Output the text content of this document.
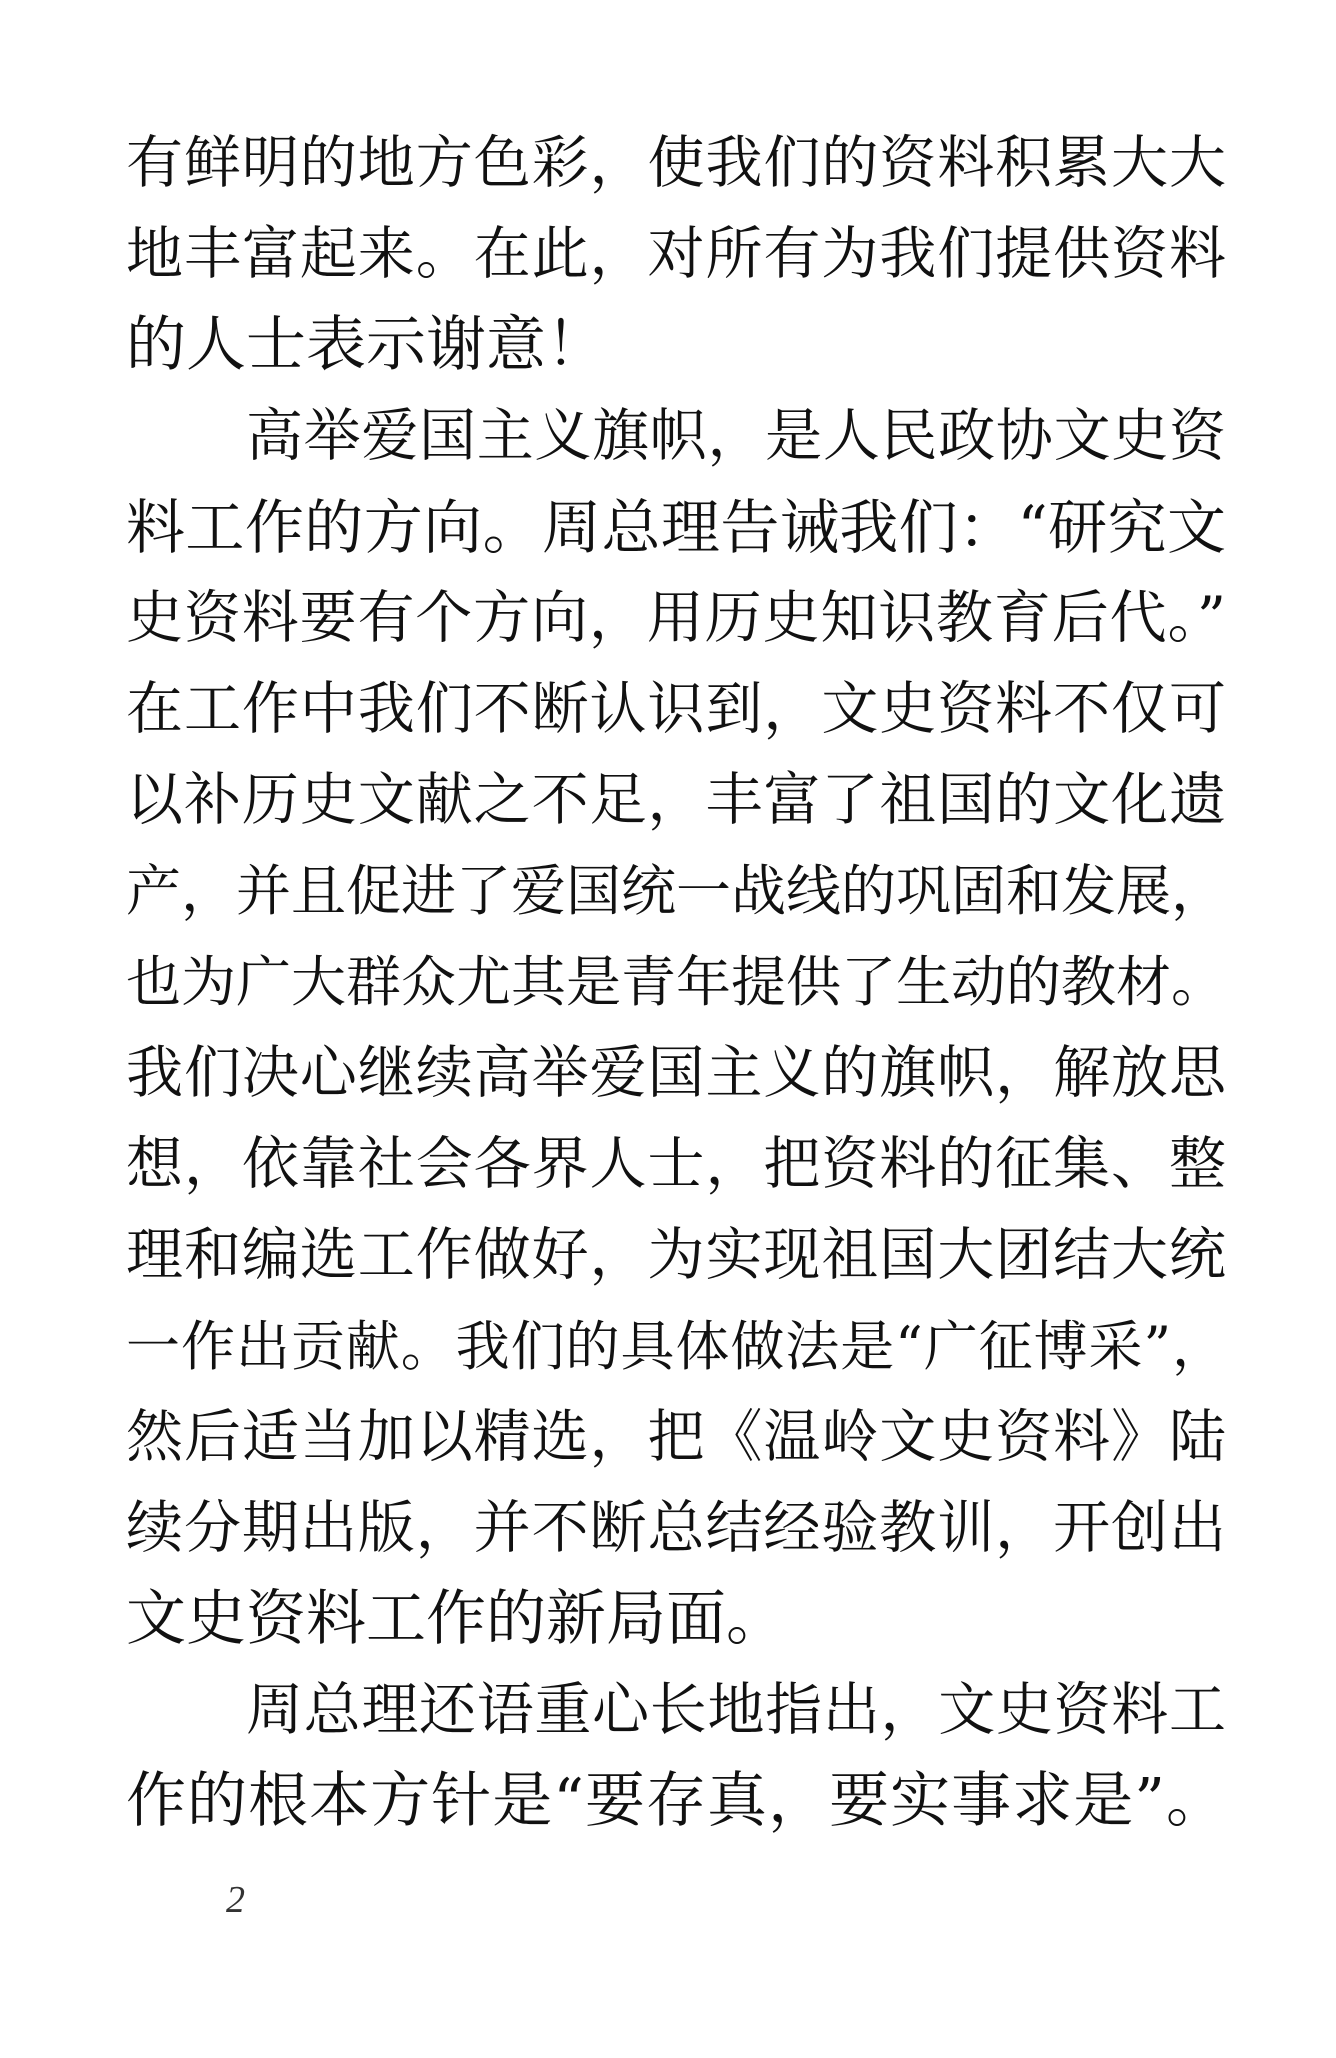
有鲜明的地方色彩，使我们的资料积累大大
地丰富起来。在此，对所有为我们提供资料
的人士表示谢意！
高举爱国主义旗帜，是人民政协文史资
料工作的方向。周总理告诫我们：“研究文
史资料要有个方向，用历史知识教育后代。”
在工作中我们不断认识到，文史资料不仅可
以补历史文献之不足，丰富了祖国的文化遗
产，并且促进了爱国统一战线的巩固和发展，
也为广大群众尤其是青年提供了生动的教材。
我们决心继续高举爱国主义的旗帜，解放思
想，依靠社会各界人士，把资料的征集、整
理和编选工作做好，为实现祖国大团结大统
一作出贡献。我们的具体做法是“广征博采”，
然后适当加以精选，把《温岭文史资料》陆
续分期出版，并不断总结经验教训，开创出
文史资料工作的新局面。
周总理还语重心长地指出，文史资料工
作的根本方针是“要存真，要实事求是”。
2
